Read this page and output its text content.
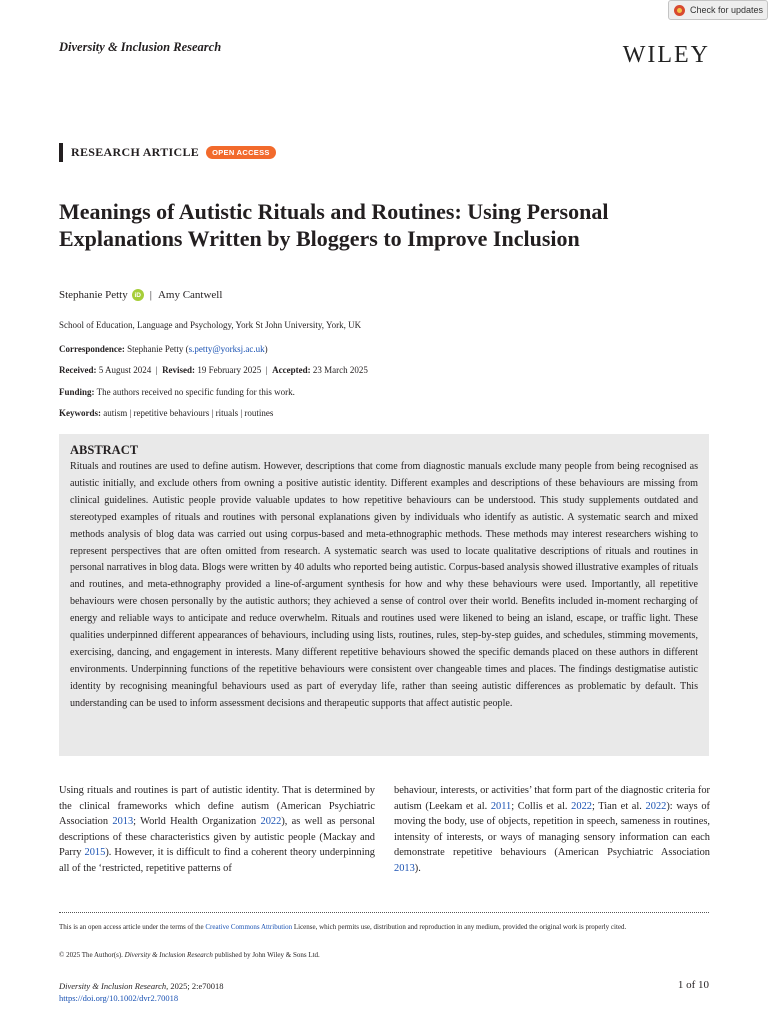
Check for updates
Diversity & Inclusion Research	WILEY
RESEARCH ARTICLE	OPEN ACCESS
Meanings of Autistic Rituals and Routines: Using Personal Explanations Written by Bloggers to Improve Inclusion
Stephanie Petty	iD | Amy Cantwell
School of Education, Language and Psychology, York St John University, York, UK
Correspondence: Stephanie Petty (s.petty@yorksj.ac.uk)
Received: 5 August 2024 | Revised: 19 February 2025 | Accepted: 23 March 2025
Funding: The authors received no specific funding for this work.
Keywords: autism | repetitive behaviours | rituals | routines
ABSTRACT

Rituals and routines are used to define autism. However, descriptions that come from diagnostic manuals exclude many people from being recognised as autistic initially, and exclude others from owning a positive autistic identity. Different examples and descriptions of these behaviours are missing from clinical guidelines. Autistic people provide valuable updates to how repetitive behaviours can be understood. This study supplements outdated and stereotyped examples of rituals and routines with personal explanations given by individuals who identify as autistic. A systematic search and mixed methods analysis of blog data was carried out using corpus-based and meta-ethnographic methods. These methods may interest researchers wishing to represent perspectives that are often omitted from research. A systematic search was used to locate qualitative descriptions of rituals and routines in personal narratives in blog data. Blogs were written by 40 adults who reported being autistic. Corpus-based analysis showed illustrative examples of rituals and routines, and meta-ethnography provided a line-of-argument synthesis for how and why these behaviours were used. Importantly, all repetitive behaviours were chosen personally by the autistic authors; they achieved a sense of control over their world. Benefits included in-moment recharging of energy and reliable ways to anticipate and reduce overwhelm. Rituals and routines used were likened to being an island, escape, or traffic light. These qualities underpinned different appearances of behaviours, including using lists, routines, rules, step-by-step guides, and schedules, stimming movements, exercising, dancing, and engagement in interests. Many different repetitive behaviours showed the specific demands placed on these authors in different environments. Underpinning functions of the repetitive behaviours were consistent over changeable times and places. The findings destigmatise autistic identity by recognising meaningful behaviours used as part of everyday life, rather than seeing autistic differences as problematic by default. This understanding can be used to inform assessment decisions and therapeutic supports that affect autistic people.

Using rituals and routines is part of autistic identity. That is determined by the clinical frameworks which define autism (American Psychiatric Association 2013; World Health Organization 2022), as well as personal descriptions of these characteristics given by autistic people (Mackay and Parry 2015). However, it is difficult to find a coherent theory underpinning all of the ‘restricted, repetitive patterns of

behaviour, interests, or activities’ that form part of the diagnostic criteria for autism (Leekam et al. 2011; Collis et al. 2022; Tian et al. 2022): ways of moving the body, use of objects, repetition in speech, sameness in routines, intensity of interests, or ways of managing sensory information can each demonstrate repetitive behaviours (American Psychiatric Association 2013).

This is an open access article under the terms of the Creative Commons Attribution License, which permits use, distribution and reproduction in any medium, provided the original work is properly cited.

© 2025 The Author(s). Diversity & Inclusion Research published by John Wiley & Sons Ltd.
Diversity & Inclusion Research, 2025; 2:e70018
https://doi.org/10.1002/dvr2.70018
1 of 10
